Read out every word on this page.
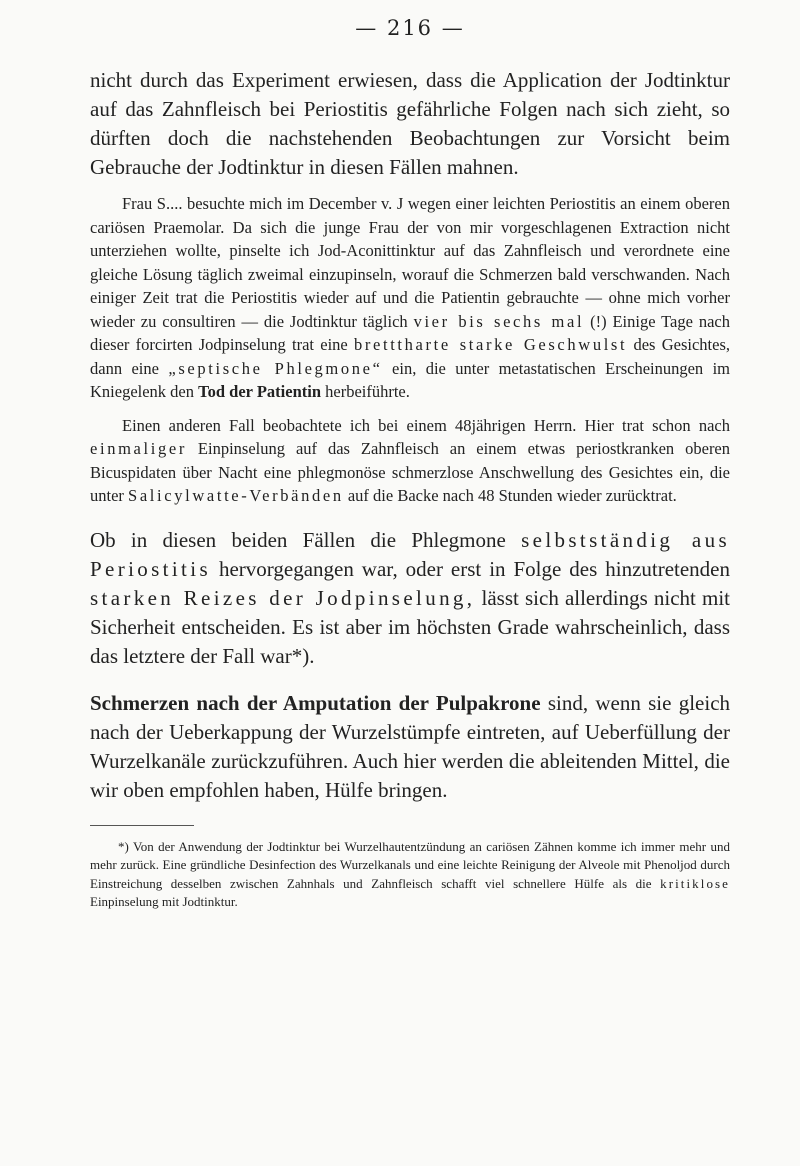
— 216 —

nicht durch das Experiment erwiesen, dass die Application der Jodtinktur auf das Zahnfleisch bei Periostitis gefährliche Folgen nach sich zieht, so dürften doch die nachstehenden Beobachtungen zur Vorsicht beim Gebrauche der Jodtinktur in diesen Fällen mahnen.

Frau S.... besuchte mich im December v. J wegen einer leichten Periostitis an einem oberen cariösen Praemolar. Da sich die junge Frau der von mir vorgeschlagenen Extraction nicht unterziehen wollte, pinselte ich Jod-Aconittinktur auf das Zahnfleisch und verordnete eine gleiche Lösung täglich zweimal einzupinseln, worauf die Schmerzen bald verschwanden. Nach einiger Zeit trat die Periostitis wieder auf und die Patientin gebrauchte — ohne mich vorher wieder zu consultiren — die Jodtinktur täglich vier bis sechs mal (!) Einige Tage nach dieser forcirten Jodpinselung trat eine bretttharte starke Geschwulst des Gesichtes, dann eine „septische Phlegmone“ ein, die unter metastatischen Erscheinungen im Kniegelenk den Tod der Patientin herbeiführte.

Einen anderen Fall beobachtete ich bei einem 48jährigen Herrn. Hier trat schon nach einmaliger Einpinselung auf das Zahnfleisch an einem etwas periostkranken oberen Bicuspidaten über Nacht eine phlegmonöse schmerzlose Anschwellung des Gesichtes ein, die unter Salicylwatte-Verbänden auf die Backe nach 48 Stunden wieder zurücktrat.

Ob in diesen beiden Fällen die Phlegmone selbstständig aus Periostitis hervorgegangen war, oder erst in Folge des hinzutretenden starken Reizes der Jodpinselung, lässt sich allerdings nicht mit Sicherheit entscheiden. Es ist aber im höchsten Grade wahrscheinlich, dass das letztere der Fall war*).

Schmerzen nach der Amputation der Pulpakrone sind, wenn sie gleich nach der Ueberkappung der Wurzelstümpfe eintreten, auf Ueberfüllung der Wurzelkanäle zurückzuführen. Auch hier werden die ableitenden Mittel, die wir oben empfohlen haben, Hülfe bringen.

*) Von der Anwendung der Jodtinktur bei Wurzelhautentzündung an cariösen Zähnen komme ich immer mehr und mehr zurück. Eine gründliche Desinfection des Wurzelkanals und eine leichte Reinigung der Alveole mit Phenoljod durch Einstreichung desselben zwischen Zahnhals und Zahnfleisch schafft viel schnellere Hülfe als die kritiklose Einpinselung mit Jodtinktur.
